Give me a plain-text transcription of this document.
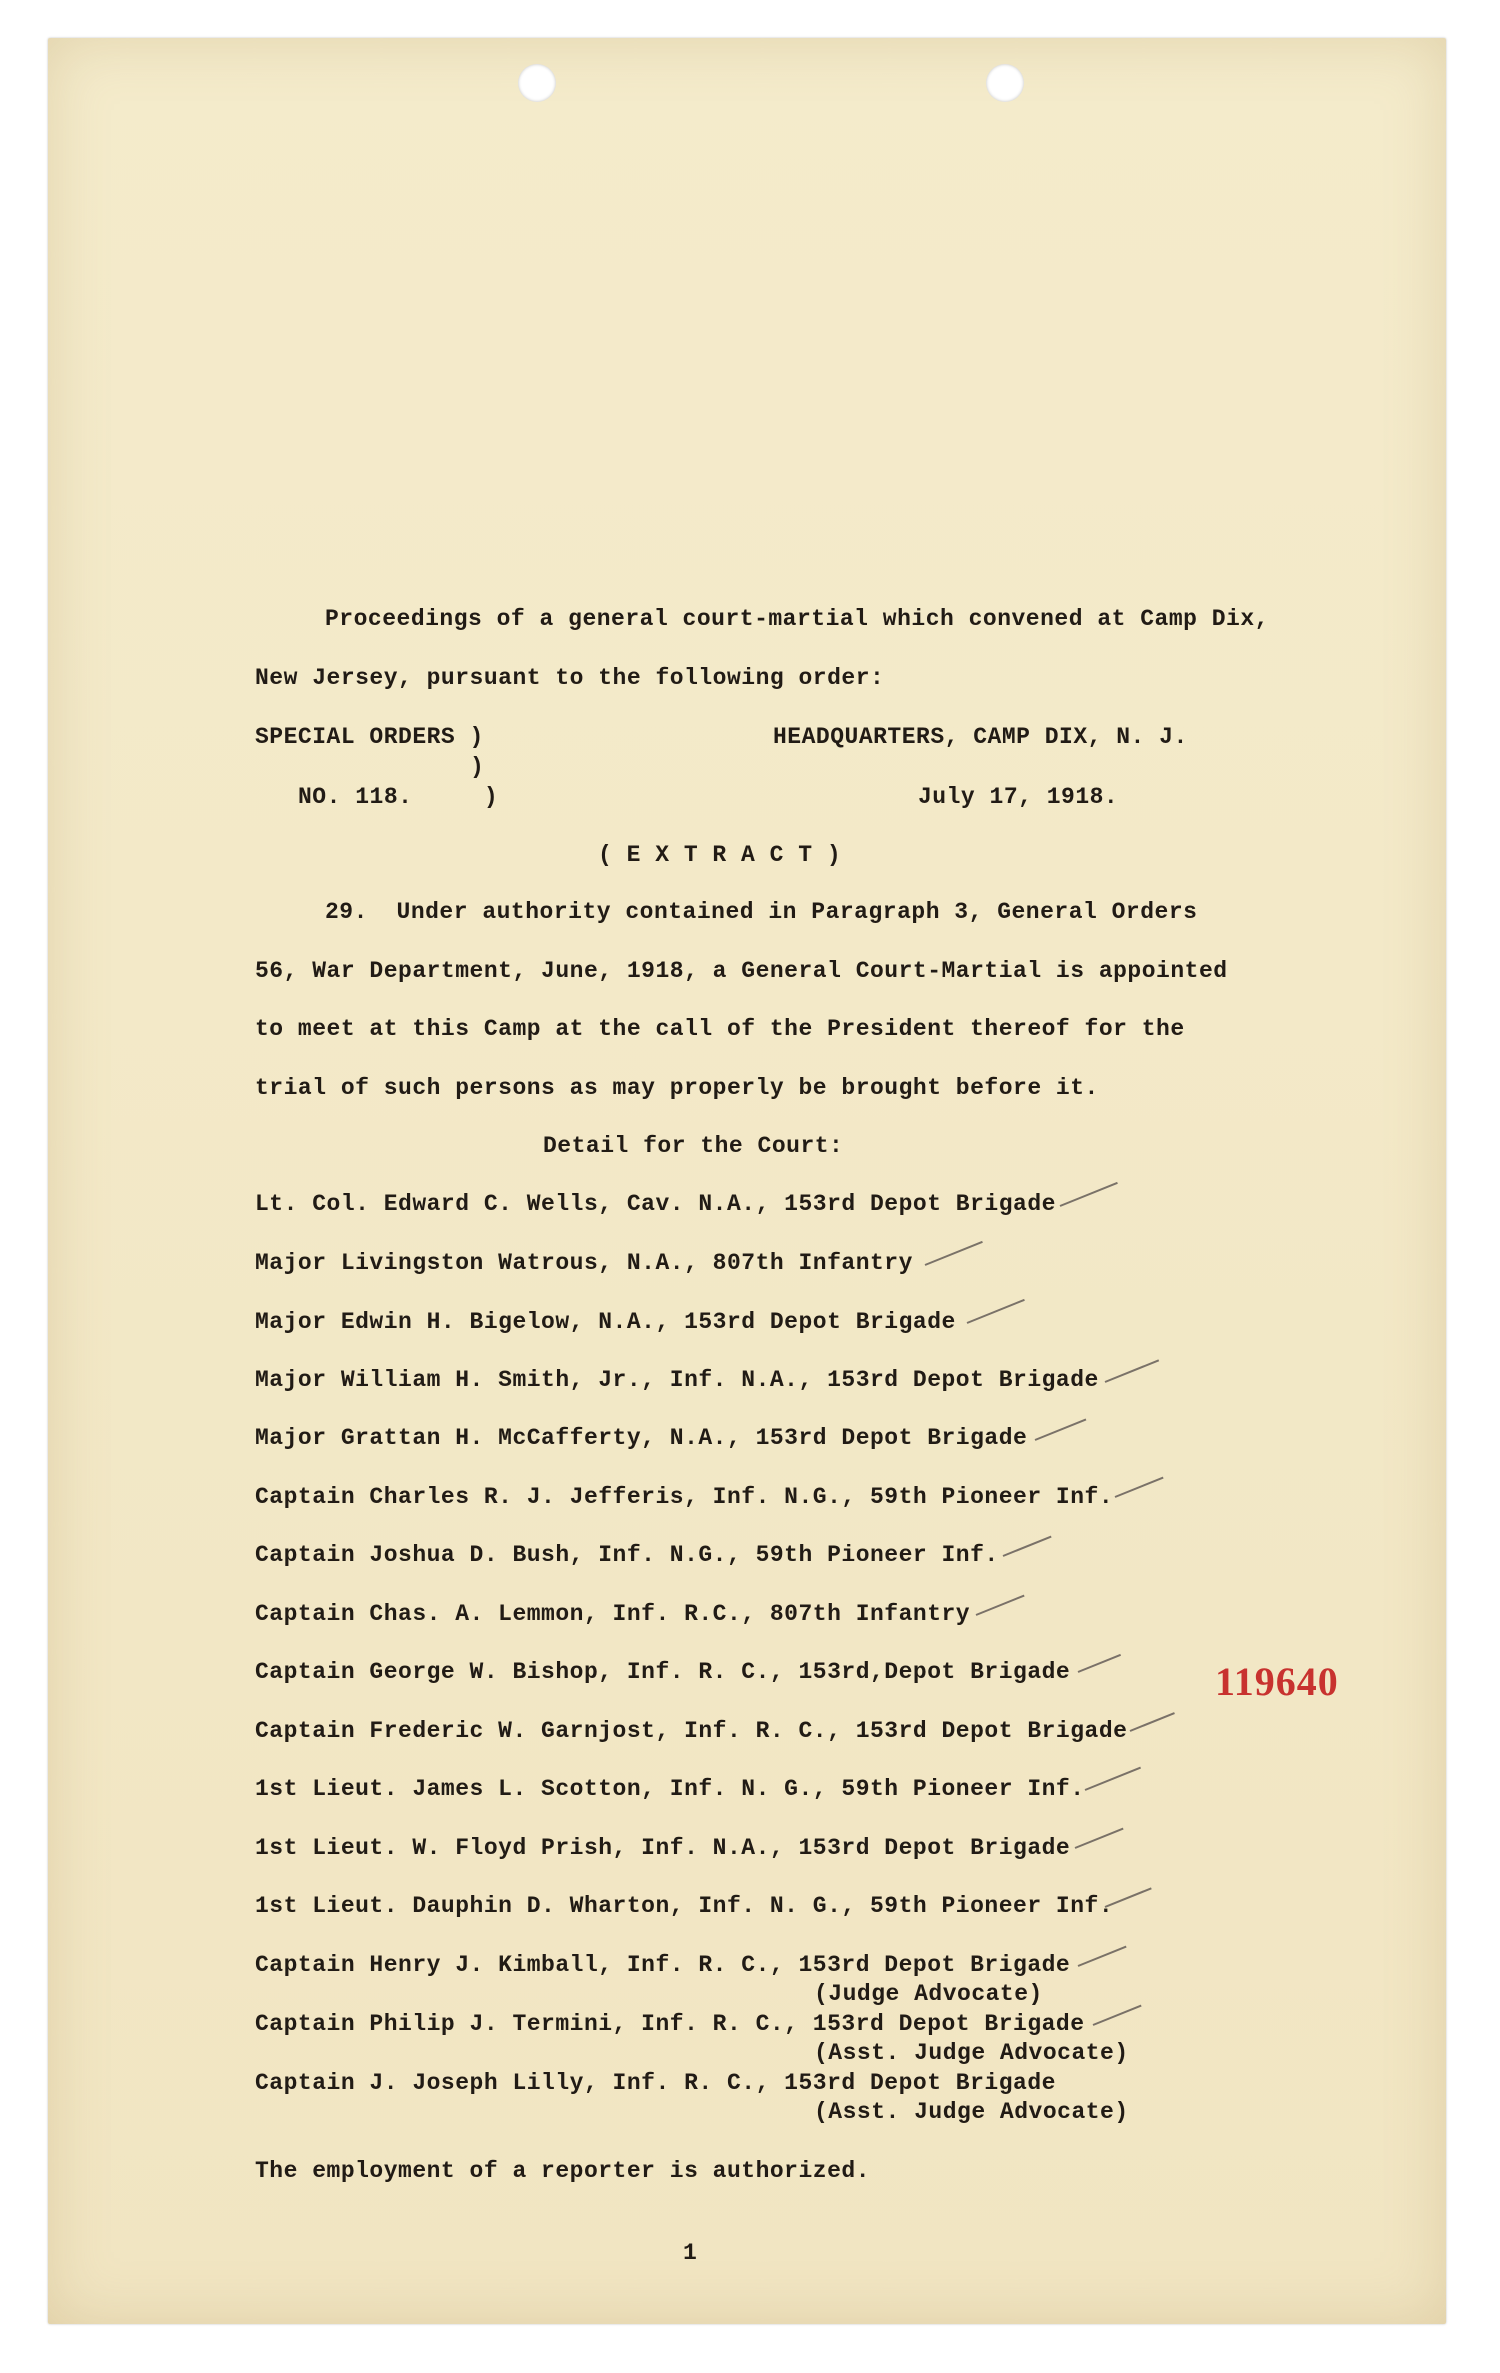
Proceedings of a general court-martial which convened at Camp Dix,
New Jersey, pursuant to the following order:
SPECIAL ORDERS )
)
NO. 118.     )
HEADQUARTERS, CAMP DIX, N. J.
July 17, 1918.
( E X T R A C T )
29.  Under authority contained in Paragraph 3, General Orders
56, War Department, June, 1918, a General Court-Martial is appointed
to meet at this Camp at the call of the President thereof for the
trial of such persons as may properly be brought before it.
Detail for the Court:
Lt. Col. Edward C. Wells, Cav. N.A., 153rd Depot Brigade
Major Livingston Watrous, N.A., 807th Infantry
Major Edwin H. Bigelow, N.A., 153rd Depot Brigade
Major William H. Smith, Jr., Inf. N.A., 153rd Depot Brigade
Major Grattan H. McCafferty, N.A., 153rd Depot Brigade
Captain Charles R. J. Jefferis, Inf. N.G., 59th Pioneer Inf.
Captain Joshua D. Bush, Inf. N.G., 59th Pioneer Inf.
Captain Chas. A. Lemmon, Inf. R.C., 807th Infantry
Captain George W. Bishop, Inf. R. C., 153rd,Depot Brigade
Captain Frederic W. Garnjost, Inf. R. C., 153rd Depot Brigade
1st Lieut. James L. Scotton, Inf. N. G., 59th Pioneer Inf.
1st Lieut. W. Floyd Prish, Inf. N.A., 153rd Depot Brigade
1st Lieut. Dauphin D. Wharton, Inf. N. G., 59th Pioneer Inf.
Captain Henry J. Kimball, Inf. R. C., 153rd Depot Brigade
(Judge Advocate)
Captain Philip J. Termini, Inf. R. C., 153rd Depot Brigade
(Asst. Judge Advocate)
Captain J. Joseph Lilly, Inf. R. C., 153rd Depot Brigade
(Asst. Judge Advocate)
The employment of a reporter is authorized.
1
119640
